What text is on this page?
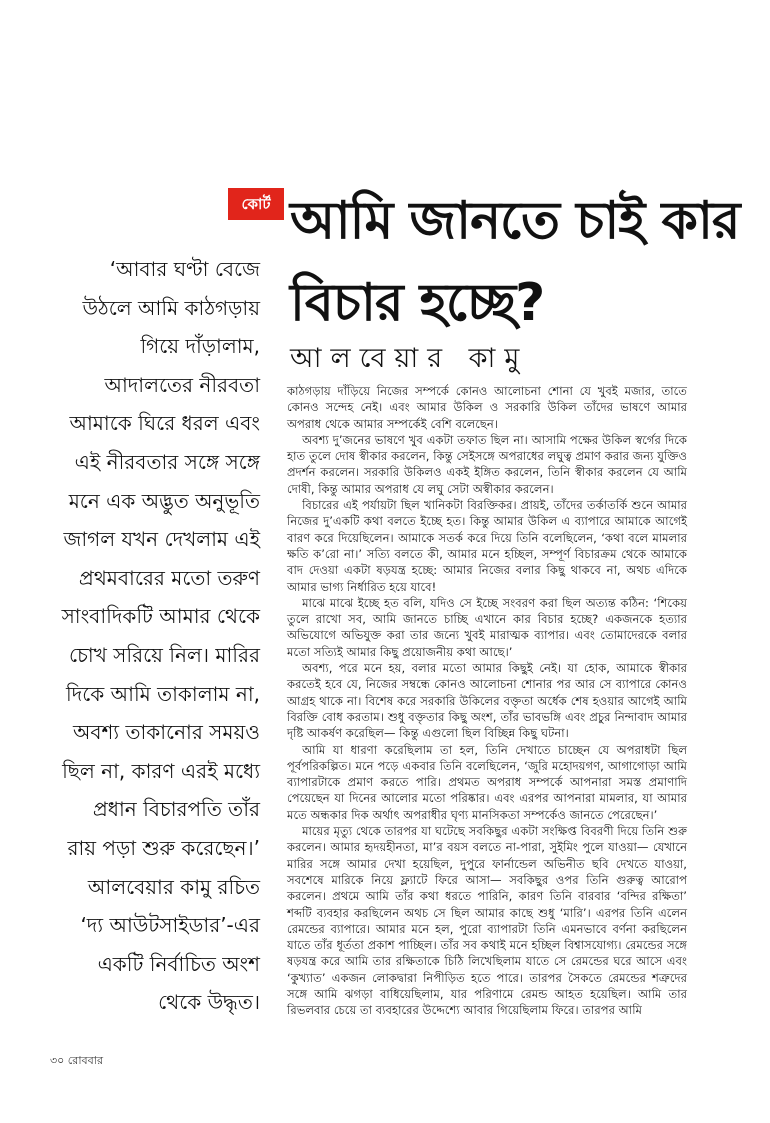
কোর্ট আমি জানতে চাই কার বিচার হচ্ছে?
আলবেয়ার কামু

‘আবার ঘণ্টা বেজে উঠলে আমি কাঠগড়ায় গিয়ে দাঁড়ালাম, আদালতের নীরবতা আমাকে ঘিরে ধরল এবং এই নীরবতার সঙ্গে সঙ্গে মনে এক অদ্ভুত অনুভূতি জাগল যখন দেখলাম এই প্রথমবারের মতো তরুণ সাংবাদিকটি আমার থেকে চোখ সরিয়ে নিল। মারির দিকে আমি তাকালাম না, অবশ্য তাকানোর সময়ও ছিল না, কারণ এরই মধ্যে প্রধান বিচারপতি তাঁর রায় পড়া শুরু করেছেন।’

আলবেয়ার কামু রচিত ‘দ্য আউটসাইডার’-এর একটি নির্বাচিত অংশ থেকে উদ্ধৃত।

কাঠগড়ায় দাঁড়িয়ে নিজের সম্পর্কে কোনও আলোচনা শোনা যে খুবই মজার, তাতে কোনও সন্দেহ নেই। এবং আমার উকিল ও সরকারি উকিল তাঁদের ভাষণে আমার অপরাধ থেকে আমার সম্পর্কেই বেশি বলেছেন।

অবশ্য দু’জনের ভাষণে খুব একটা তফাত ছিল না। আসামি পক্ষের উকিল স্বর্গের দিকে হাত তুলে দোষ স্বীকার করলেন, কিন্তু সেইসঙ্গে অপরাধের লঘুত্ব প্রমাণ করার জন্য যুক্তিও প্রদর্শন করলেন। সরকারি উকিলও একই ইঙ্গিত করলেন, তিনি স্বীকার করলেন যে আমি দোষী, কিন্তু আমার অপরাধ যে লঘু সেটা অস্বীকার করলেন।

বিচারের এই পর্যায়টা ছিল খানিকটা বিরক্তিকর। প্রায়ই, তাঁদের তর্কাতর্কি শুনে আমার নিজের দু’একটি কথা বলতে ইচ্ছে হত। কিন্তু আমার উকিল এ ব্যাপারে আমাকে আগেই বারণ করে দিয়েছিলেন। আমাকে সতর্ক করে দিয়ে তিনি বলেছিলেন, ‘কথা বলে মামলার ক্ষতি ক’রো না।’ সত্যি বলতে কী, আমার মনে হচ্ছিল, সম্পূর্ণ বিচারক্রম থেকে আমাকে বাদ দেওয়া একটা ষড়যন্ত্র হচ্ছে: আমার নিজের বলার কিছু থাকবে না, অথচ এদিকে আমার ভাগ্য নির্ধারিত হয়ে যাবে!

মাঝে মাঝে ইচ্ছে হত বলি, যদিও সে ইচ্ছে সংবরণ করা ছিল অত্যন্ত কঠিন: ‘শিকেয় তুলে রাখো সব, আমি জানতে চাচ্ছি এখানে কার বিচার হচ্ছে? একজনকে হত্যার অভিযোগে অভিযুক্ত করা তার জন্যে খুবই মারাত্মক ব্যাপার। এবং তোমাদেরকে বলার মতো সত্যিই আমার কিছু প্রয়োজনীয় কথা আছে।’

অবশ্য, পরে মনে হয়, বলার মতো আমার কিছুই নেই। যা হোক, আমাকে স্বীকার করতেই হবে যে, নিজের সম্বন্ধে কোনও আলোচনা শোনার পর আর সে ব্যাপারে কোনও আগ্রহ থাকে না। বিশেষ করে সরকারি উকিলের বক্তৃতা অর্ধেক শেষ হওয়ার আগেই আমি বিরক্তি বোধ করতাম। শুধু বক্তৃতার কিছু অংশ, তাঁর ভাবভঙ্গি এবং প্রচুর নিন্দাবাদ আমার দৃষ্টি আকর্ষণ করেছিল— কিন্তু এগুলো ছিল বিচ্ছিন্ন কিছু ঘটনা।

আমি যা ধারণা করেছিলাম তা হল, তিনি দেখাতে চাচ্ছেন যে অপরাধটা ছিল পূর্বপরিকল্পিত। মনে পড়ে একবার তিনি বলেছিলেন, ‘জুরি মহোদয়গণ, আগাগোড়া আমি ব্যাপারটাকে প্রমাণ করতে পারি। প্রথমত অপরাধ সম্পর্কে আপনারা সমস্ত প্রমাণাদি পেয়েছেন যা দিনের আলোর মতো পরিষ্কার। এবং এরপর আপনারা মামলার, যা আমার মতে অন্ধকার দিক অর্থাৎ অপরাধীর ঘৃণ্য মানসিকতা সম্পর্কেও জানতে পেরেছেন।’

মায়ের মৃত্যু থেকে তারপর যা ঘটেছে সবকিছুর একটা সংক্ষিপ্ত বিবরণী দিয়ে তিনি শুরু করলেন। আমার হৃদয়হীনতা, মা’র বয়স বলতে না-পারা, সুইমিং পুলে যাওয়া— যেখানে মারির সঙ্গে আমার দেখা হয়েছিল, দুপুরে ফার্নান্ডেল অভিনীত ছবি দেখতে যাওয়া, সবশেষে মারিকে নিয়ে ফ্ল্যাটে ফিরে আসা— সবকিছুর ওপর তিনি গুরুত্ব আরোপ করলেন। প্রথমে আমি তাঁর কথা ধরতে পারিনি, কারণ তিনি বারবার ‘বন্দির রক্ষিতা’ শব্দটি ব্যবহার করছিলেন অথচ সে ছিল আমার কাছে শুধু ‘মারি’। এরপর তিনি এলেন রেমন্ডের ব্যাপারে। আমার মনে হল, পুরো ব্যাপারটা তিনি এমনভাবে বর্ণনা করছিলেন যাতে তাঁর ধূর্ততা প্রকাশ পাচ্ছিল। তাঁর সব কথাই মনে হচ্ছিল বিশ্বাসযোগ্য। রেমন্ডের সঙ্গে ষড়যন্ত্র করে আমি তার রক্ষিতাকে চিঠি লিখেছিলাম যাতে সে রেমন্ডের ঘরে আসে এবং ‘কুখ্যাত’ একজন লোকদ্বারা নিপীড়িত হতে পারে। তারপর সৈকতে রেমন্ডের শত্রুদের সঙ্গে আমি ঝগড়া বাধিয়েছিলাম, যার পরিণামে রেমন্ড আহত হয়েছিল। আমি তার রিভলবার চেয়ে তা ব্যবহারের উদ্দেশ্যে আবার গিয়েছিলাম ফিরে। তারপর আমি

৩০ রোববার
